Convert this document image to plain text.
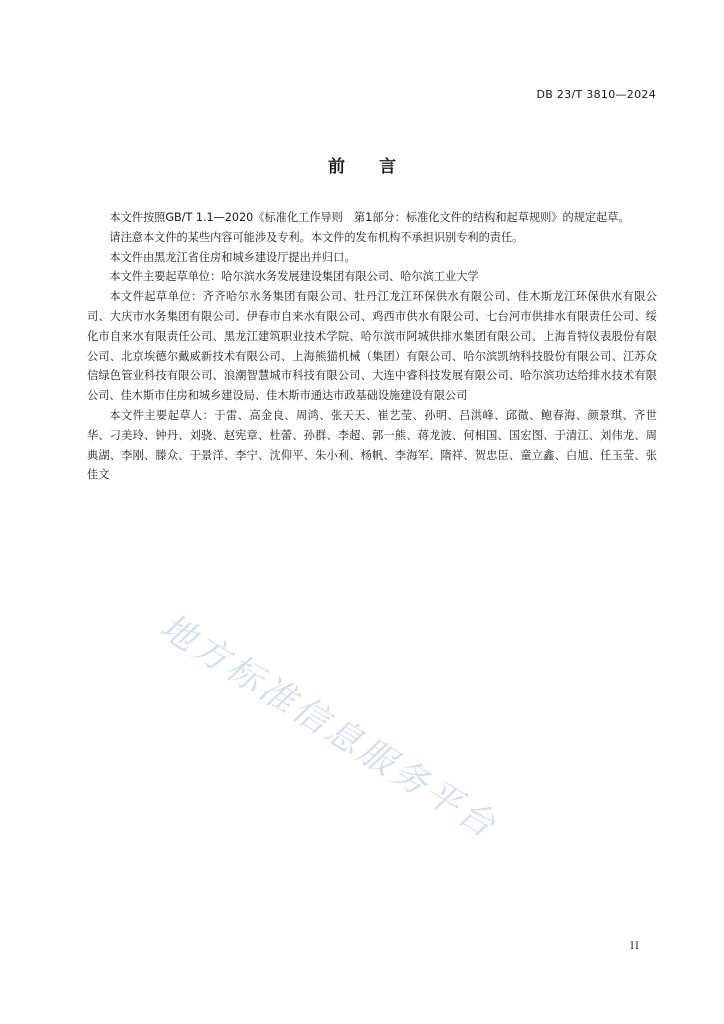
DB 23/T 3810—2024
前 言

本文件按照GB/T 1.1—2020《标准化工作导则　第1部分：标准化文件的结构和起草规则》的规定起草。

请注意本文件的某些内容可能涉及专利。本文件的发布机构不承担识别专利的责任。

本文件由黑龙江省住房和城乡建设厅提出并归口。

本文件主要起草单位：哈尔滨水务发展建设集团有限公司、哈尔滨工业大学

本文件起草单位：齐齐哈尔水务集团有限公司、牡丹江龙江环保供水有限公司、佳木斯龙江环保供水有限公司、大庆市水务集团有限公司、伊春市自来水有限公司、鸡西市供水有限公司、七台河市供排水有限责任公司、绥化市自来水有限责任公司、黑龙江建筑职业技术学院、哈尔滨市阿城供排水集团有限公司、上海肯特仪表股份有限公司、北京埃德尔戴威新技术有限公司、上海熊猫机械（集团）有限公司、哈尔滨凯纳科技股份有限公司、江苏众信绿色管业科技有限公司、浪潮智慧城市科技有限公司、大连中睿科技发展有限公司、哈尔滨功达给排水技术有限公司、佳木斯市住房和城乡建设局、佳木斯市通达市政基础设施建设有限公司

本文件主要起草人：于雷、高金良、周鸿、张天天、崔艺莹、孙明、吕洪峰、邱微、鲍春海、颜景琪、齐世华、刁美玲、钟丹、刘骁、赵宪章、杜蕾、孙群、李超、郭一熊、蒋龙波、何相国、国宏图、于清江、刘伟龙、周典湖、李刚、滕众、于景洋、李宁、沈仰平、朱小利、杨帆、李海军、隋祥、贺忠臣、童立鑫、白旭、任玉莹、张佳文

地方标准信息服务平台
II
